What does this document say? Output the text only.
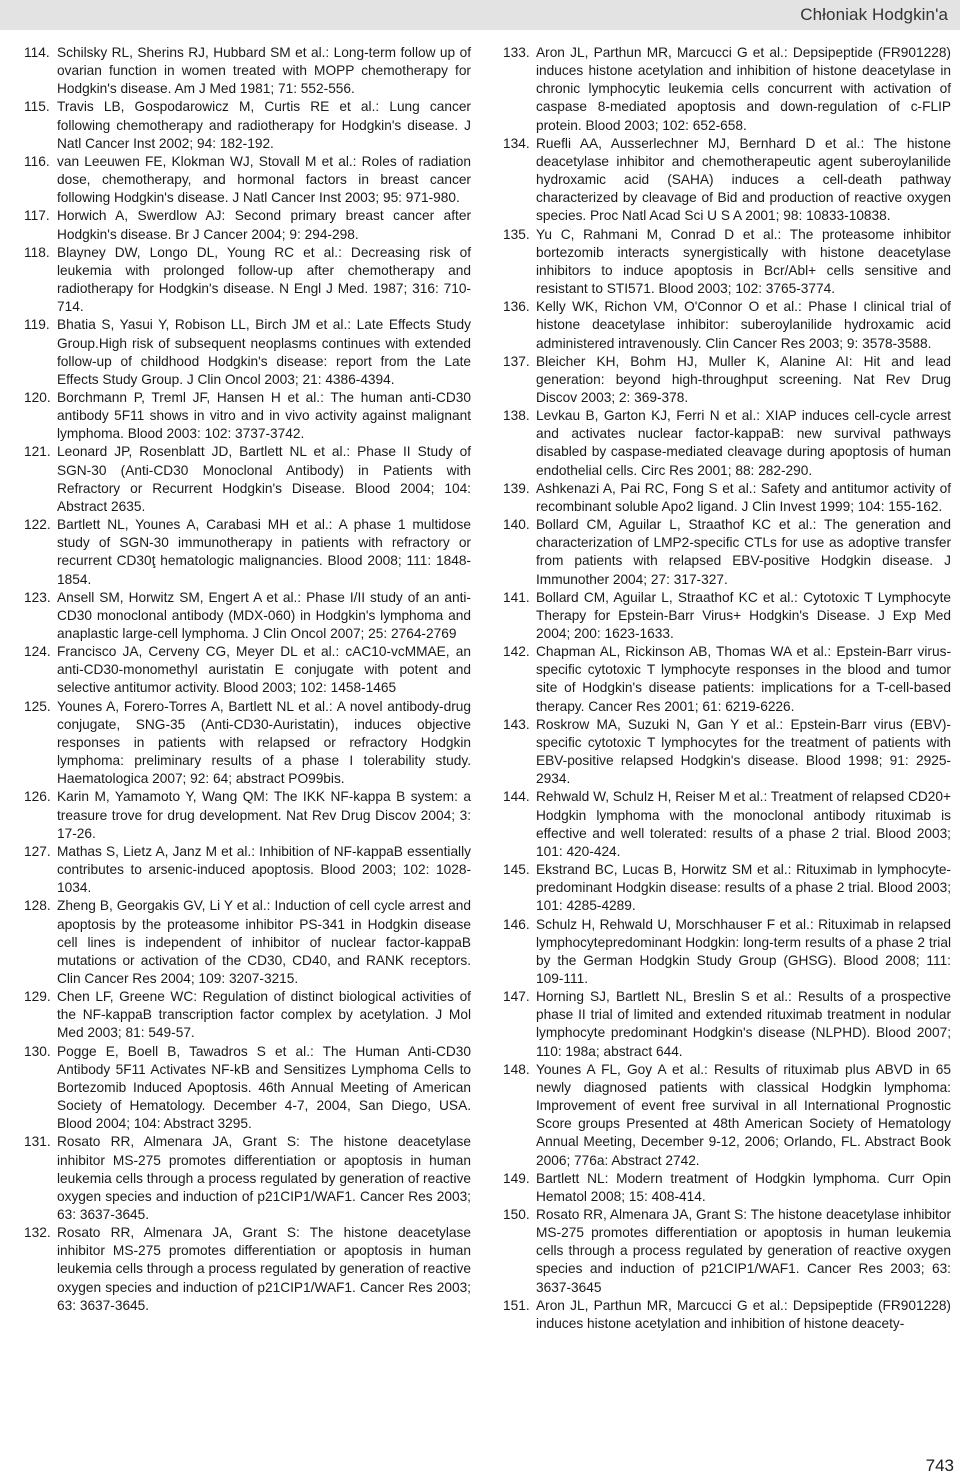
Chłoniak Hodgkin'a
114. Schilsky RL, Sherins RJ, Hubbard SM et al.: Long-term follow up of ovarian function in women treated with MOPP chemotherapy for Hodgkin's disease. Am J Med 1981; 71: 552-556.
115. Travis LB, Gospodarowicz M, Curtis RE et al.: Lung cancer following chemotherapy and radiotherapy for Hodgkin's disease. J Natl Cancer Inst 2002; 94: 182-192.
116. van Leeuwen FE, Klokman WJ, Stovall M et al.: Roles of radiation dose, chemotherapy, and hormonal factors in breast cancer following Hodgkin's disease. J Natl Cancer Inst 2003; 95: 971-980.
117. Horwich A, Swerdlow AJ: Second primary breast cancer after Hodgkin's disease. Br J Cancer 2004; 9: 294-298.
118. Blayney DW, Longo DL, Young RC et al.: Decreasing risk of leukemia with prolonged follow-up after chemotherapy and radiotherapy for Hodgkin's disease. N Engl J Med. 1987; 316: 710-714.
119. Bhatia S, Yasui Y, Robison LL, Birch JM et al.: Late Effects Study Group.High risk of subsequent neoplasms continues with extended follow-up of childhood Hodgkin's disease: report from the Late Effects Study Group. J Clin Oncol 2003; 21: 4386-4394.
120. Borchmann P, Treml JF, Hansen H et al.: The human anti-CD30 antibody 5F11 shows in vitro and in vivo activity against malignant lymphoma. Blood 2003: 102: 3737-3742.
121. Leonard JP, Rosenblatt JD, Bartlett NL et al.: Phase II Study of SGN-30 (Anti-CD30 Monoclonal Antibody) in Patients with Refractory or Recurrent Hodgkin's Disease. Blood 2004; 104: Abstract 2635.
122. Bartlett NL, Younes A, Carabasi MH et al.: A phase 1 multidose study of SGN-30 immunotherapy in patients with refractory or recurrent CD30ţ hematologic malignancies. Blood 2008; 111: 1848-1854.
123. Ansell SM, Horwitz SM, Engert A et al.: Phase I/II study of an anti-CD30 monoclonal antibody (MDX-060) in Hodgkin's lymphoma and anaplastic large-cell lymphoma. J Clin Oncol 2007; 25: 2764-2769
124. Francisco JA, Cerveny CG, Meyer DL et al.: cAC10-vcMMAE, an anti-CD30-monomethyl auristatin E conjugate with potent and selective antitumor activity. Blood 2003; 102: 1458-1465
125. Younes A, Forero-Torres A, Bartlett NL et al.: A novel antibody-drug conjugate, SNG-35 (Anti-CD30-Auristatin), induces objective responses in patients with relapsed or refractory Hodgkin lymphoma: preliminary results of a phase I tolerability study. Haematologica 2007; 92: 64; abstract PO99bis.
126. Karin M, Yamamoto Y, Wang QM: The IKK NF-kappa B system: a treasure trove for drug development. Nat Rev Drug Discov 2004; 3: 17-26.
127. Mathas S, Lietz A, Janz M et al.: Inhibition of NF-kappaB essentially contributes to arsenic-induced apoptosis. Blood 2003; 102: 1028-1034.
128. Zheng B, Georgakis GV, Li Y et al.: Induction of cell cycle arrest and apoptosis by the proteasome inhibitor PS-341 in Hodgkin disease cell lines is independent of inhibitor of nuclear factor-kappaB mutations or activation of the CD30, CD40, and RANK receptors. Clin Cancer Res 2004; 109: 3207-3215.
129. Chen LF, Greene WC: Regulation of distinct biological activities of the NF-kappaB transcription factor complex by acetylation. J Mol Med 2003; 81: 549-57.
130. Pogge E, Boell B, Tawadros S et al.: The Human Anti-CD30 Antibody 5F11 Activates NF-kB and Sensitizes Lymphoma Cells to Bortezomib Induced Apoptosis. 46th Annual Meeting of American Society of Hematology. December 4-7, 2004, San Diego, USA. Blood 2004; 104: Abstract 3295.
131. Rosato RR, Almenara JA, Grant S: The histone deacetylase inhibitor MS-275 promotes differentiation or apoptosis in human leukemia cells through a process regulated by generation of reactive oxygen species and induction of p21CIP1/WAF1. Cancer Res 2003; 63: 3637-3645.
132. Rosato RR, Almenara JA, Grant S: The histone deacetylase inhibitor MS-275 promotes differentiation or apoptosis in human leukemia cells through a process regulated by generation of reactive oxygen species and induction of p21CIP1/WAF1. Cancer Res 2003; 63: 3637-3645.
133. Aron JL, Parthun MR, Marcucci G et al.: Depsipeptide (FR901228) induces histone acetylation and inhibition of histone deacetylase in chronic lymphocytic leukemia cells concurrent with activation of caspase 8-mediated apoptosis and down-regulation of c-FLIP protein. Blood 2003; 102: 652-658.
134. Ruefli AA, Ausserlechner MJ, Bernhard D et al.: The histone deacetylase inhibitor and chemotherapeutic agent suberoylanilide hydroxamic acid (SAHA) induces a cell-death pathway characterized by cleavage of Bid and production of reactive oxygen species. Proc Natl Acad Sci U S A 2001; 98: 10833-10838.
135. Yu C, Rahmani M, Conrad D et al.: The proteasome inhibitor bortezomib interacts synergistically with histone deacetylase inhibitors to induce apoptosis in Bcr/Abl+ cells sensitive and resistant to STI571. Blood 2003; 102: 3765-3774.
136. Kelly WK, Richon VM, O'Connor O et al.: Phase I clinical trial of histone deacetylase inhibitor: suberoylanilide hydroxamic acid administered intravenously. Clin Cancer Res 2003; 9: 3578-3588.
137. Bleicher KH, Bohm HJ, Muller K, Alanine AI: Hit and lead generation: beyond high-throughput screening. Nat Rev Drug Discov 2003; 2: 369-378.
138. Levkau B, Garton KJ, Ferri N et al.: XIAP induces cell-cycle arrest and activates nuclear factor-kappaB: new survival pathways disabled by caspase-mediated cleavage during apoptosis of human endothelial cells. Circ Res 2001; 88: 282-290.
139. Ashkenazi A, Pai RC, Fong S et al.: Safety and antitumor activity of recombinant soluble Apo2 ligand. J Clin Invest 1999; 104: 155-162.
140. Bollard CM, Aguilar L, Straathof KC et al.: The generation and characterization of LMP2-specific CTLs for use as adoptive transfer from patients with relapsed EBV-positive Hodgkin disease. J Immunother 2004; 27: 317-327.
141. Bollard CM, Aguilar L, Straathof KC et al.: Cytotoxic T Lymphocyte Therapy for Epstein-Barr Virus+ Hodgkin's Disease. J Exp Med 2004; 200: 1623-1633.
142. Chapman AL, Rickinson AB, Thomas WA et al.: Epstein-Barr virus-specific cytotoxic T lymphocyte responses in the blood and tumor site of Hodgkin's disease patients: implications for a T-cell-based therapy. Cancer Res 2001; 61: 6219-6226.
143. Roskrow MA, Suzuki N, Gan Y et al.: Epstein-Barr virus (EBV)-specific cytotoxic T lymphocytes for the treatment of patients with EBV-positive relapsed Hodgkin's disease. Blood 1998; 91: 2925-2934.
144. Rehwald W, Schulz H, Reiser M et al.: Treatment of relapsed CD20+ Hodgkin lymphoma with the monoclonal antibody rituximab is effective and well tolerated: results of a phase 2 trial. Blood 2003; 101: 420-424.
145. Ekstrand BC, Lucas B, Horwitz SM et al.: Rituximab in lymphocyte-predominant Hodgkin disease: results of a phase 2 trial. Blood 2003; 101: 4285-4289.
146. Schulz H, Rehwald U, Morschhauser F et al.: Rituximab in relapsed lymphocytepredominant Hodgkin: long-term results of a phase 2 trial by the German Hodgkin Study Group (GHSG). Blood 2008; 111: 109-111.
147. Horning SJ, Bartlett NL, Breslin S et al.: Results of a prospective phase II trial of limited and extended rituximab treatment in nodular lymphocyte predominant Hodgkin's disease (NLPHD). Blood 2007; 110: 198a; abstract 644.
148. Younes A FL, Goy A et al.: Results of rituximab plus ABVD in 65 newly diagnosed patients with classical Hodgkin lymphoma: Improvement of event free survival in all International Prognostic Score groups Presented at 48th American Society of Hematology Annual Meeting, December 9-12, 2006; Orlando, FL. Abstract Book 2006; 776a: Abstract 2742.
149. Bartlett NL: Modern treatment of Hodgkin lymphoma. Curr Opin Hematol 2008; 15: 408-414.
150. Rosato RR, Almenara JA, Grant S: The histone deacetylase inhibitor MS-275 promotes differentiation or apoptosis in human leukemia cells through a process regulated by generation of reactive oxygen species and induction of p21CIP1/WAF1. Cancer Res 2003; 63: 3637-3645
151. Aron JL, Parthun MR, Marcucci G et al.: Depsipeptide (FR901228) induces histone acetylation and inhibition of histone deacety-
743
